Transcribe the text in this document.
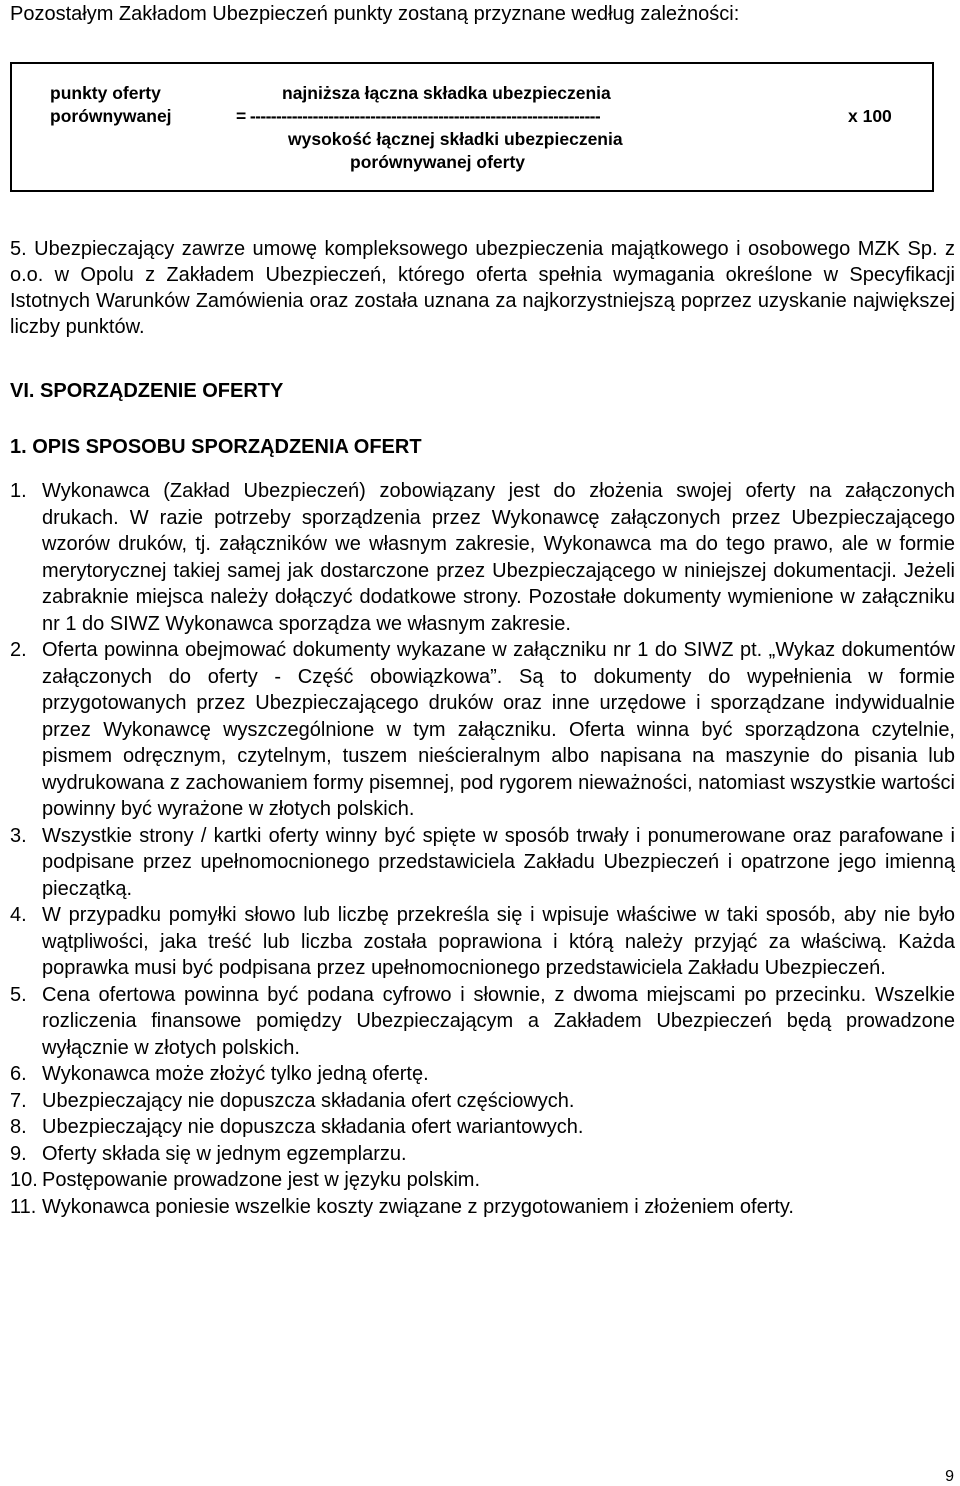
Pozostałym Zakładom Ubezpieczeń punkty zostaną przyznane według zależności:
punkty oferty
porównywanej
najniższa łączna składka ubezpieczenia
= -------------------------------------------------------------------	x 100
wysokość łącznej składki ubezpieczenia
porównywanej oferty

5. Ubezpieczający zawrze umowę kompleksowego ubezpieczenia majątkowego i osobowego MZK Sp. z o.o. w Opolu z Zakładem Ubezpieczeń, którego oferta spełnia wymagania określone w Specyfikacji Istotnych Warunków Zamówienia oraz została uznana za najkorzystniejszą poprzez uzyskanie największej liczby punktów.

VI. SPORZĄDZENIE OFERTY
1. OPIS SPOSOBU SPORZĄDZENIA OFERT
1. Wykonawca (Zakład Ubezpieczeń) zobowiązany jest do złożenia swojej oferty na załączonych drukach. W razie potrzeby sporządzenia przez Wykonawcę załączonych przez Ubezpieczającego wzorów druków, tj. załączników we własnym zakresie, Wykonawca ma do tego prawo, ale w formie merytorycznej takiej samej jak dostarczone przez Ubezpieczającego w niniejszej dokumentacji. Jeżeli zabraknie miejsca należy dołączyć dodatkowe strony. Pozostałe dokumenty wymienione w załączniku nr 1 do SIWZ Wykonawca sporządza we własnym zakresie.
2. Oferta powinna obejmować dokumenty wykazane w załączniku nr 1 do SIWZ pt. „Wykaz dokumentów załączonych do oferty - Część obowiązkowa”. Są to dokumenty do wypełnienia w formie przygotowanych przez Ubezpieczającego druków oraz inne urzędowe i sporządzane indywidualnie przez Wykonawcę wyszczególnione w tym załączniku. Oferta winna być sporządzona czytelnie, pismem odręcznym, czytelnym, tuszem nieścieralnym albo napisana na maszynie do pisania lub wydrukowana z zachowaniem formy pisemnej, pod rygorem nieważności, natomiast wszystkie wartości powinny być wyrażone w złotych polskich.
3. Wszystkie strony / kartki oferty winny być spięte w sposób trwały i ponumerowane oraz parafowane i podpisane przez upełnomocnionego przedstawiciela Zakładu Ubezpieczeń i opatrzone jego imienną pieczątką.
4. W przypadku pomyłki słowo lub liczbę przekreśla się i wpisuje właściwe w taki sposób, aby nie było wątpliwości, jaka treść lub liczba została poprawiona i którą należy przyjąć za właściwą. Każda poprawka musi być podpisana przez upełnomocnionego przedstawiciela Zakładu Ubezpieczeń.
5. Cena ofertowa powinna być podana cyfrowo i słownie, z dwoma miejscami po przecinku. Wszelkie rozliczenia finansowe pomiędzy Ubezpieczającym a Zakładem Ubezpieczeń będą prowadzone wyłącznie w złotych polskich.
6. Wykonawca może złożyć tylko jedną ofertę.
7. Ubezpieczający nie dopuszcza składania ofert częściowych.
8. Ubezpieczający nie dopuszcza składania ofert wariantowych.
9. Oferty składa się w jednym egzemplarzu.
10. Postępowanie prowadzone jest w języku polskim.
11. Wykonawca poniesie wszelkie koszty związane z przygotowaniem i złożeniem oferty.
9
